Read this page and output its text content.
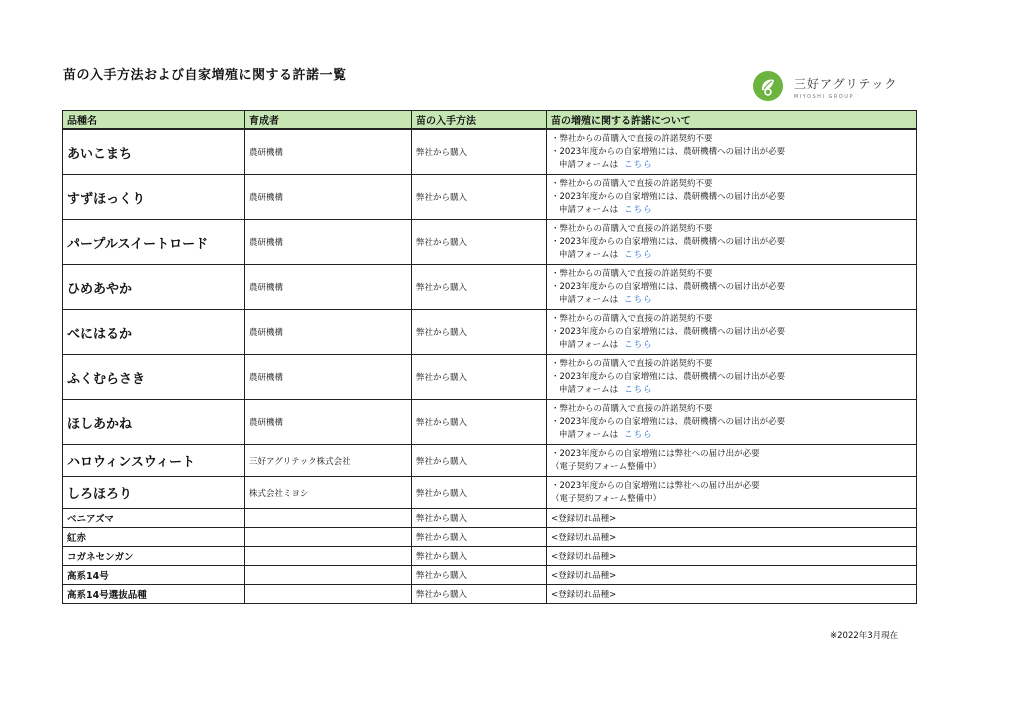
苗の入手方法および自家増殖に関する許諾一覧
三好アグリテック
MIYOSHI GROUP
品種名	育成者	苗の入手方法	苗の増殖に関する許諾について
あいこまち	農研機構	弊社から購入	・弊社からの苗購入で直接の許諾契約不要
・2023年度からの自家増殖には、農研機構への届け出が必要
申請フォームは こちら

すずほっくり	農研機構	弊社から購入	・弊社からの苗購入で直接の許諾契約不要
・2023年度からの自家増殖には、農研機構への届け出が必要
申請フォームは こちら

パープルスイートロード	農研機構	弊社から購入	・弊社からの苗購入で直接の許諾契約不要
・2023年度からの自家増殖には、農研機構への届け出が必要
申請フォームは こちら

ひめあやか	農研機構	弊社から購入	・弊社からの苗購入で直接の許諾契約不要
・2023年度からの自家増殖には、農研機構への届け出が必要
申請フォームは こちら

べにはるか	農研機構	弊社から購入	・弊社からの苗購入で直接の許諾契約不要
・2023年度からの自家増殖には、農研機構への届け出が必要
申請フォームは こちら

ふくむらさき	農研機構	弊社から購入	・弊社からの苗購入で直接の許諾契約不要
・2023年度からの自家増殖には、農研機構への届け出が必要
申請フォームは こちら

ほしあかね	農研機構	弊社から購入	・弊社からの苗購入で直接の許諾契約不要
・2023年度からの自家増殖には、農研機構への届け出が必要
申請フォームは こちら

ハロウィンスウィート	三好アグリテック株式会社	弊社から購入	・2023年度からの自家増殖には弊社への届け出が必要
（電子契約フォーム整備中）

しろほろり	株式会社ミヨシ	弊社から購入	・2023年度からの自家増殖には弊社への届け出が必要
（電子契約フォーム整備中）

ベニアズマ		弊社から購入	<登録切れ品種>
紅赤		弊社から購入	<登録切れ品種>
コガネセンガン		弊社から購入	<登録切れ品種>
高系14号		弊社から購入	<登録切れ品種>
高系14号選抜品種		弊社から購入	<登録切れ品種>
※2022年3月現在
